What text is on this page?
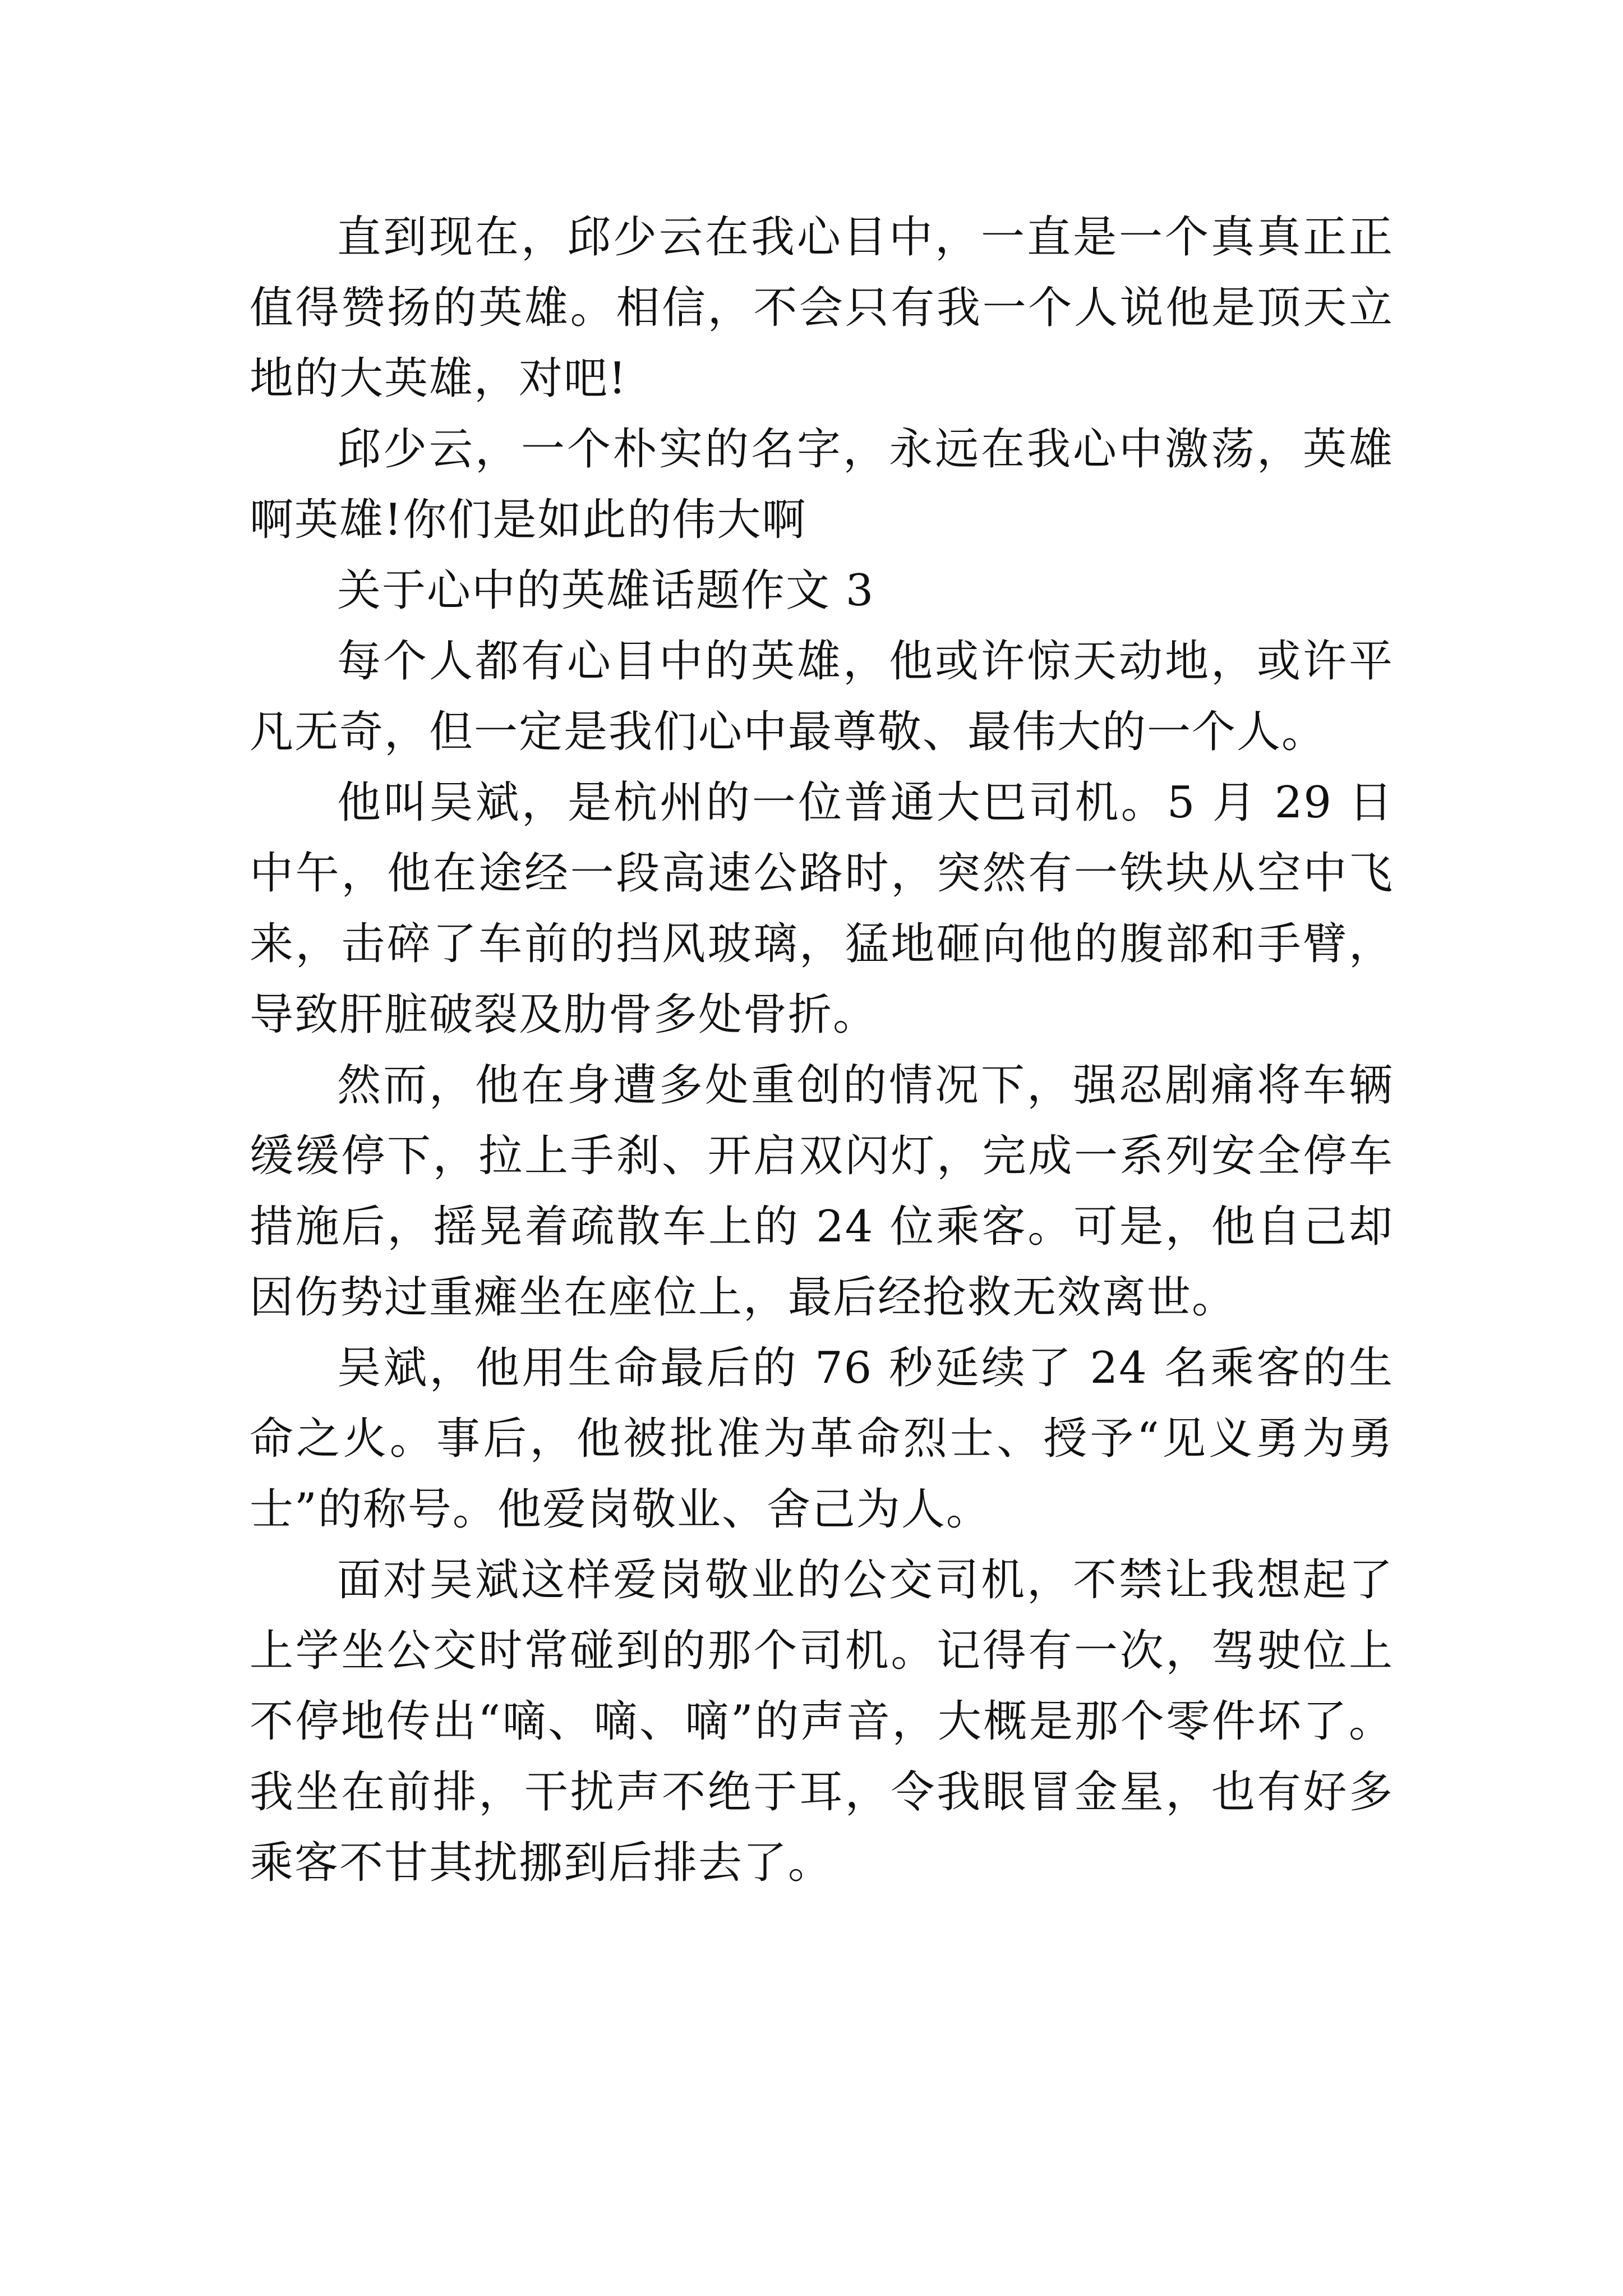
直到现在，邱少云在我心目中，一直是一个真真正正值得赞扬的英雄。相信，不会只有我一个人说他是顶天立地的大英雄，对吧!

邱少云，一个朴实的名字，永远在我心中激荡，英雄啊英雄!你们是如此的伟大啊

关于心中的英雄话题作文 3

每个人都有心目中的英雄，他或许惊天动地，或许平凡无奇，但一定是我们心中最尊敬、最伟大的一个人。

他叫吴斌，是杭州的一位普通大巴司机。5 月 29 日中午，他在途经一段高速公路时，突然有一铁块从空中飞来，击碎了车前的挡风玻璃，猛地砸向他的腹部和手臂，导致肝脏破裂及肋骨多处骨折。

然而，他在身遭多处重创的情况下，强忍剧痛将车辆缓缓停下，拉上手刹、开启双闪灯，完成一系列安全停车措施后，摇晃着疏散车上的 24 位乘客。可是，他自己却因伤势过重瘫坐在座位上，最后经抢救无效离世。

吴斌，他用生命最后的 76 秒延续了 24 名乘客的生命之火。事后，他被批准为革命烈士、授予“见义勇为勇士”的称号。他爱岗敬业、舍己为人。

面对吴斌这样爱岗敬业的公交司机，不禁让我想起了上学坐公交时常碰到的那个司机。记得有一次，驾驶位上不停地传出“嘀、嘀、嘀”的声音，大概是那个零件坏了。我坐在前排，干扰声不绝于耳，令我眼冒金星，也有好多乘客不甘其扰挪到后排去了。
